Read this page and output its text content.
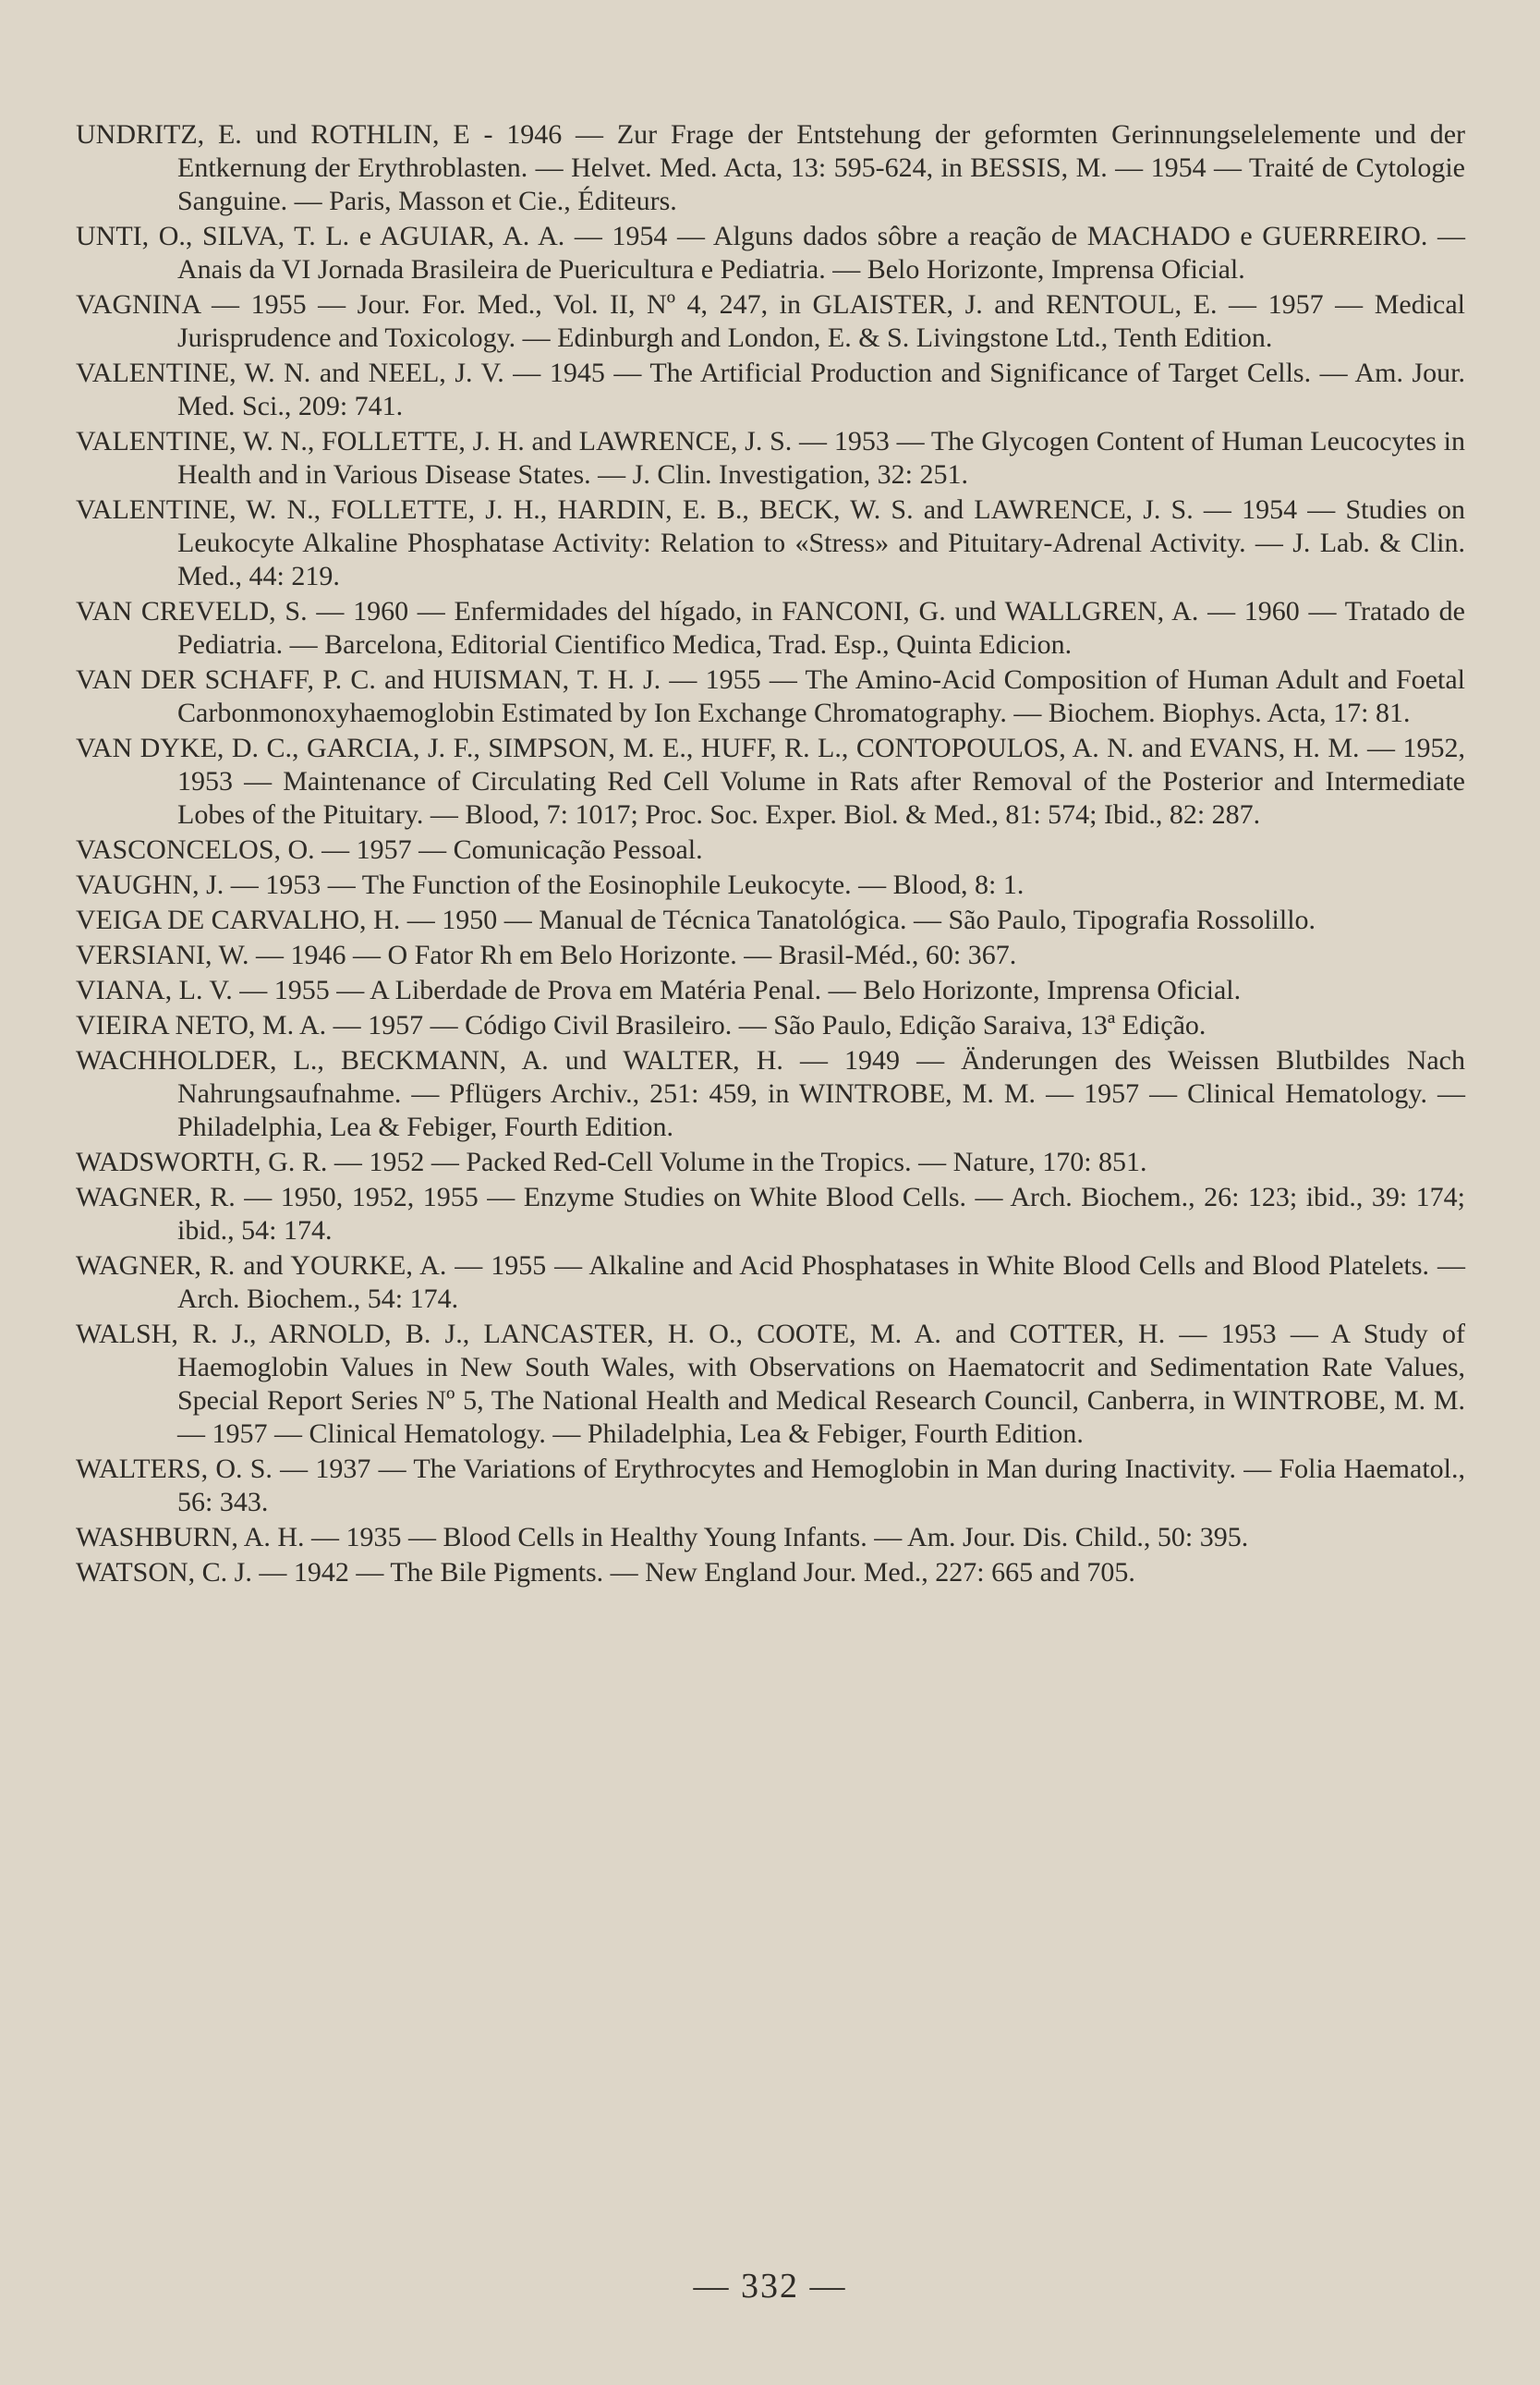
UNDRITZ, E. und ROTHLIN, E - 1946 — Zur Frage der Entstehung der geformten Gerinnungselelemente und der Entkernung der Erythroblasten. — Helvet. Med. Acta, 13: 595-624, in BESSIS, M. — 1954 — Traité de Cytologie Sanguine. — Paris, Masson et Cie., Éditeurs.
UNTI, O., SILVA, T. L. e AGUIAR, A. A. — 1954 — Alguns dados sôbre a reação de MACHADO e GUERREIRO. — Anais da VI Jornada Brasileira de Puericultura e Pediatria. — Belo Horizonte, Imprensa Oficial.
VAGNINA — 1955 — Jour. For. Med., Vol. II, Nº 4, 247, in GLAISTER, J. and RENTOUL, E. — 1957 — Medical Jurisprudence and Toxicology. — Edinburgh and London, E. & S. Livingstone Ltd., Tenth Edition.
VALENTINE, W. N. and NEEL, J. V. — 1945 — The Artificial Production and Significance of Target Cells. — Am. Jour. Med. Sci., 209: 741.
VALENTINE, W. N., FOLLETTE, J. H. and LAWRENCE, J. S. — 1953 — The Glycogen Content of Human Leucocytes in Health and in Various Disease States. — J. Clin. Investigation, 32: 251.
VALENTINE, W. N., FOLLETTE, J. H., HARDIN, E. B., BECK, W. S. and LAWRENCE, J. S. — 1954 — Studies on Leukocyte Alkaline Phosphatase Activity: Relation to «Stress» and Pituitary-Adrenal Activity. — J. Lab. & Clin. Med., 44: 219.
VAN CREVELD, S. — 1960 — Enfermidades del hígado, in FANCONI, G. und WALLGREN, A. — 1960 — Tratado de Pediatria. — Barcelona, Editorial Cientifico Medica, Trad. Esp., Quinta Edicion.
VAN DER SCHAFF, P. C. and HUISMAN, T. H. J. — 1955 — The Amino-Acid Composition of Human Adult and Foetal Carbonmonoxyhaemoglobin Estimated by Ion Exchange Chromatography. — Biochem. Biophys. Acta, 17: 81.
VAN DYKE, D. C., GARCIA, J. F., SIMPSON, M. E., HUFF, R. L., CONTOPOULOS, A. N. and EVANS, H. M. — 1952, 1953 — Maintenance of Circulating Red Cell Volume in Rats after Removal of the Posterior and Intermediate Lobes of the Pituitary. — Blood, 7: 1017; Proc. Soc. Exper. Biol. & Med., 81: 574; Ibid., 82: 287.
VASCONCELOS, O. — 1957 — Comunicação Pessoal.
VAUGHN, J. — 1953 — The Function of the Eosinophile Leukocyte. — Blood, 8: 1.
VEIGA DE CARVALHO, H. — 1950 — Manual de Técnica Tanatológica. — São Paulo, Tipografia Rossolillo.
VERSIANI, W. — 1946 — O Fator Rh em Belo Horizonte. — Brasil-Méd., 60: 367.
VIANA, L. V. — 1955 — A Liberdade de Prova em Matéria Penal. — Belo Horizonte, Imprensa Oficial.
VIEIRA NETO, M. A. — 1957 — Código Civil Brasileiro. — São Paulo, Edição Saraiva, 13ª Edição.
WACHHOLDER, L., BECKMANN, A. und WALTER, H. — 1949 — Änderungen des Weissen Blutbildes Nach Nahrungsaufnahme. — Pflügers Archiv., 251: 459, in WINTROBE, M. M. — 1957 — Clinical Hematology. — Philadelphia, Lea & Febiger, Fourth Edition.
WADSWORTH, G. R. — 1952 — Packed Red-Cell Volume in the Tropics. — Nature, 170: 851.
WAGNER, R. — 1950, 1952, 1955 — Enzyme Studies on White Blood Cells. — Arch. Biochem., 26: 123; ibid., 39: 174; ibid., 54: 174.
WAGNER, R. and YOURKE, A. — 1955 — Alkaline and Acid Phosphatases in White Blood Cells and Blood Platelets. — Arch. Biochem., 54: 174.
WALSH, R. J., ARNOLD, B. J., LANCASTER, H. O., COOTE, M. A. and COTTER, H. — 1953 — A Study of Haemoglobin Values in New South Wales, with Observations on Haematocrit and Sedimentation Rate Values, Special Report Series Nº 5, The National Health and Medical Research Council, Canberra, in WINTROBE, M. M. — 1957 — Clinical Hematology. — Philadelphia, Lea & Febiger, Fourth Edition.
WALTERS, O. S. — 1937 — The Variations of Erythrocytes and Hemoglobin in Man during Inactivity. — Folia Haematol., 56: 343.
WASHBURN, A. H. — 1935 — Blood Cells in Healthy Young Infants. — Am. Jour. Dis. Child., 50: 395.
WATSON, C. J. — 1942 — The Bile Pigments. — New England Jour. Med., 227: 665 and 705.
— 332 —
